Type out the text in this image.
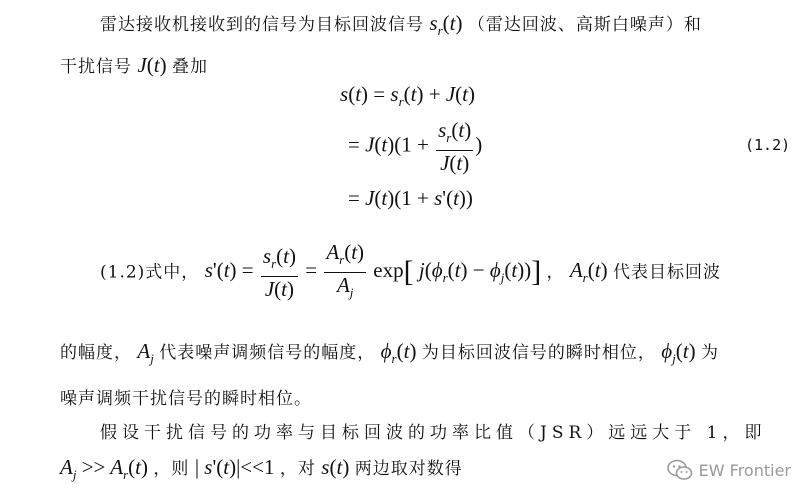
雷达接收机接收到的信号为目标回波信号 $s_r(t)$ （雷达回波、高斯白噪声）和
干扰信号 J(t) 叠加
$s(t) = s_r(t) + J(t)$
= $J(t)(1 + \frac{s_r(t)}{J(t)}$ )	(1.2)
= J(t)(1 + s'(t))
(1.2)式中， $s'(t) = \frac{s_r(t)}{J(t)} = \frac{A_r(t)}{A_j} \exp$[ $j(\phi_r(t) - \phi_j(t))$] ， $A_r(t)$ 代表目标回波
的幅度， $A_j$ 代表噪声调频信号的幅度， $\phi_r(t)$ 为目标回波信号的瞬时相位， $\phi_j(t)$ 为
噪声调频干扰信号的瞬时相位。
假设干扰信号的功率与目标回波的功率比值（JSR）远远大于 1，即
$A_j >> A_r(t)$ ，则 | s'(t)|<<1 ，对 s(t) 两边取对数得	EW Frontier
